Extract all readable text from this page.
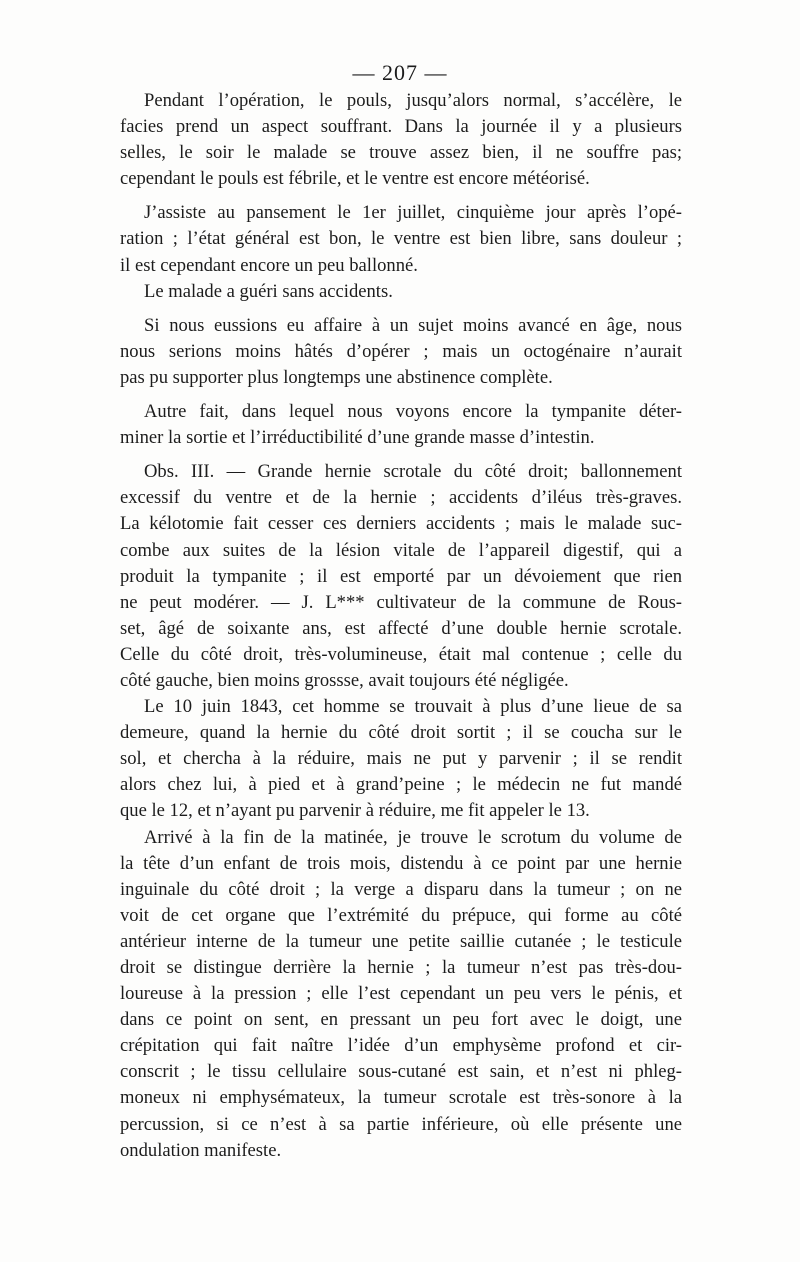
— 207 —
Pendant l’opération, le pouls, jusqu’alors normal, s’accélère, le
facies prend un aspect souffrant. Dans la journée il y a plusieurs
selles, le soir le malade se trouve assez bien, il ne souffre pas;
cependant le pouls est fébrile, et le ventre est encore météorisé.
J’assiste au pansement le 1er juillet, cinquième jour après l’opé-
ration ; l’état général est bon, le ventre est bien libre, sans douleur ;
il est cependant encore un peu ballonné.
Le malade a guéri sans accidents.
Si nous eussions eu affaire à un sujet moins avancé en âge, nous
nous serions moins hâtés d’opérer ; mais un octogénaire n’aurait
pas pu supporter plus longtemps une abstinence complète.
Autre fait, dans lequel nous voyons encore la tympanite déter-
miner la sortie et l’irréductibilité d’une grande masse d’intestin.
Obs. III. — Grande hernie scrotale du côté droit; ballonnement
excessif du ventre et de la hernie ; accidents d’iléus très-graves.
La kélotomie fait cesser ces derniers accidents ; mais le malade suc-
combe aux suites de la lésion vitale de l’appareil digestif, qui a
produit la tympanite ; il est emporté par un dévoiement que rien
ne peut modérer. — J. L*** cultivateur de la commune de Rous-
set, âgé de soixante ans, est affecté d’une double hernie scrotale.
Celle du côté droit, très-volumineuse, était mal contenue ; celle du
côté gauche, bien moins grossse, avait toujours été négligée.
Le 10 juin 1843, cet homme se trouvait à plus d’une lieue de sa
demeure, quand la hernie du côté droit sortit ; il se coucha sur le
sol, et chercha à la réduire, mais ne put y parvenir ; il se rendit
alors chez lui, à pied et à grand’peine ; le médecin ne fut mandé
que le 12, et n’ayant pu parvenir à réduire, me fit appeler le 13.
Arrivé à la fin de la matinée, je trouve le scrotum du volume de
la tête d’un enfant de trois mois, distendu à ce point par une hernie
inguinale du côté droit ; la verge a disparu dans la tumeur ; on ne
voit de cet organe que l’extrémité du prépuce, qui forme au côté
antérieur interne de la tumeur une petite saillie cutanée ; le testicule
droit se distingue derrière la hernie ; la tumeur n’est pas très-dou-
loureuse à la pression ; elle l’est cependant un peu vers le pénis, et
dans ce point on sent, en pressant un peu fort avec le doigt, une
crépitation qui fait naître l’idée d’un emphysème profond et cir-
conscrit ; le tissu cellulaire sous-cutané est sain, et n’est ni phleg-
moneux ni emphysémateux, la tumeur scrotale est très-sonore à la
percussion, si ce n’est à sa partie inférieure, où elle présente une
ondulation manifeste.
